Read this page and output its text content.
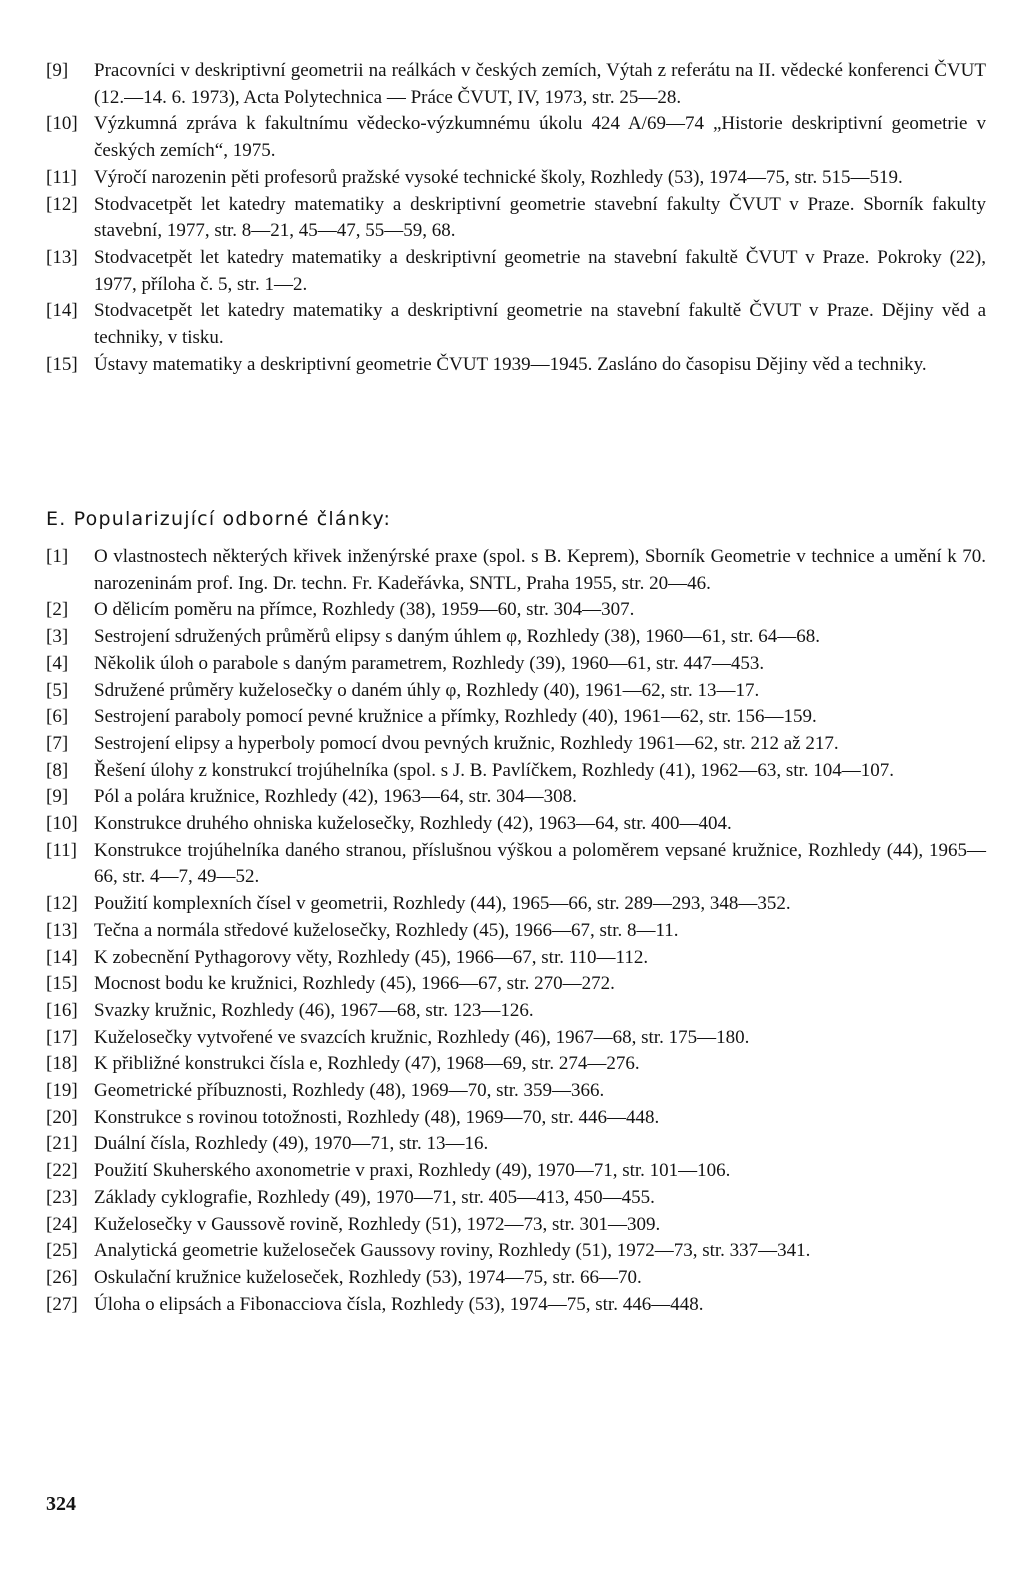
[9] Pracovníci v deskriptivní geometrii na reálkách v českých zemích, Výtah z referátu na II. vědecké konferenci ČVUT (12.—14. 6. 1973), Acta Polytechnica — Práce ČVUT, IV, 1973, str. 25—28.
[10] Výzkumná zpráva k fakultnímu vědecko-výzkumnému úkolu 424 A/69—74 „Historie deskriptivní geometrie v českých zemích“, 1975.
[11] Výročí narozenin pěti profesorů pražské vysoké technické školy, Rozhledy (53), 1974—75, str. 515—519.
[12] Stodvacetpět let katedry matematiky a deskriptivní geometrie stavební fakulty ČVUT v Praze. Sborník fakulty stavební, 1977, str. 8—21, 45—47, 55—59, 68.
[13] Stodvacetpět let katedry matematiky a deskriptivní geometrie na stavební fakultě ČVUT v Praze. Pokroky (22), 1977, příloha č. 5, str. 1—2.
[14] Stodvacetpět let katedry matematiky a deskriptivní geometrie na stavební fakultě ČVUT v Praze. Dějiny věd a techniky, v tisku.
[15] Ústavy matematiky a deskriptivní geometrie ČVUT 1939—1945. Zasláno do časopisu Dějiny věd a techniky.
E. Popularizující odborné články:
[1] O vlastnostech některých křivek inženýrské praxe (spol. s B. Keprem), Sborník Geometrie v technice a umění k 70. narozeninám prof. Ing. Dr. techn. Fr. Kadeřávka, SNTL, Praha 1955, str. 20—46.
[2] O dělicím poměru na přímce, Rozhledy (38), 1959—60, str. 304—307.
[3] Sestrojení sdružených průměrů elipsy s daným úhlem φ, Rozhledy (38), 1960—61, str. 64—68.
[4] Několik úloh o parabole s daným parametrem, Rozhledy (39), 1960—61, str. 447—453.
[5] Sdružené průměry kuželosečky o daném úhly φ, Rozhledy (40), 1961—62, str. 13—17.
[6] Sestrojení paraboly pomocí pevné kružnice a přímky, Rozhledy (40), 1961—62, str. 156—159.
[7] Sestrojení elipsy a hyperboly pomocí dvou pevných kružnic, Rozhledy 1961—62, str. 212 až 217.
[8] Řešení úlohy z konstrukcí trojúhelníka (spol. s J. B. Pavlíčkem, Rozhledy (41), 1962—63, str. 104—107.
[9] Pól a polára kružnice, Rozhledy (42), 1963—64, str. 304—308.
[10] Konstrukce druhého ohniska kuželosečky, Rozhledy (42), 1963—64, str. 400—404.
[11] Konstrukce trojúhelníka daného stranou, příslušnou výškou a poloměrem vepsané kružnice, Rozhledy (44), 1965—66, str. 4—7, 49—52.
[12] Použití komplexních čísel v geometrii, Rozhledy (44), 1965—66, str. 289—293, 348—352.
[13] Tečna a normála středové kuželosečky, Rozhledy (45), 1966—67, str. 8—11.
[14] K zobecnění Pythagorovy věty, Rozhledy (45), 1966—67, str. 110—112.
[15] Mocnost bodu ke kružnici, Rozhledy (45), 1966—67, str. 270—272.
[16] Svazky kružnic, Rozhledy (46), 1967—68, str. 123—126.
[17] Kuželosečky vytvořené ve svazcích kružnic, Rozhledy (46), 1967—68, str. 175—180.
[18] K přibližné konstrukci čísla e, Rozhledy (47), 1968—69, str. 274—276.
[19] Geometrické příbuznosti, Rozhledy (48), 1969—70, str. 359—366.
[20] Konstrukce s rovinou totožnosti, Rozhledy (48), 1969—70, str. 446—448.
[21] Duální čísla, Rozhledy (49), 1970—71, str. 13—16.
[22] Použití Skuherského axonometrie v praxi, Rozhledy (49), 1970—71, str. 101—106.
[23] Základy cyklografie, Rozhledy (49), 1970—71, str. 405—413, 450—455.
[24] Kuželosečky v Gaussově rovině, Rozhledy (51), 1972—73, str. 301—309.
[25] Analytická geometrie kuželoseček Gaussovy roviny, Rozhledy (51), 1972—73, str. 337—341.
[26] Oskulační kružnice kuželoseček, Rozhledy (53), 1974—75, str. 66—70.
[27] Úloha o elipsách a Fibonacciova čísla, Rozhledy (53), 1974—75, str. 446—448.
324
